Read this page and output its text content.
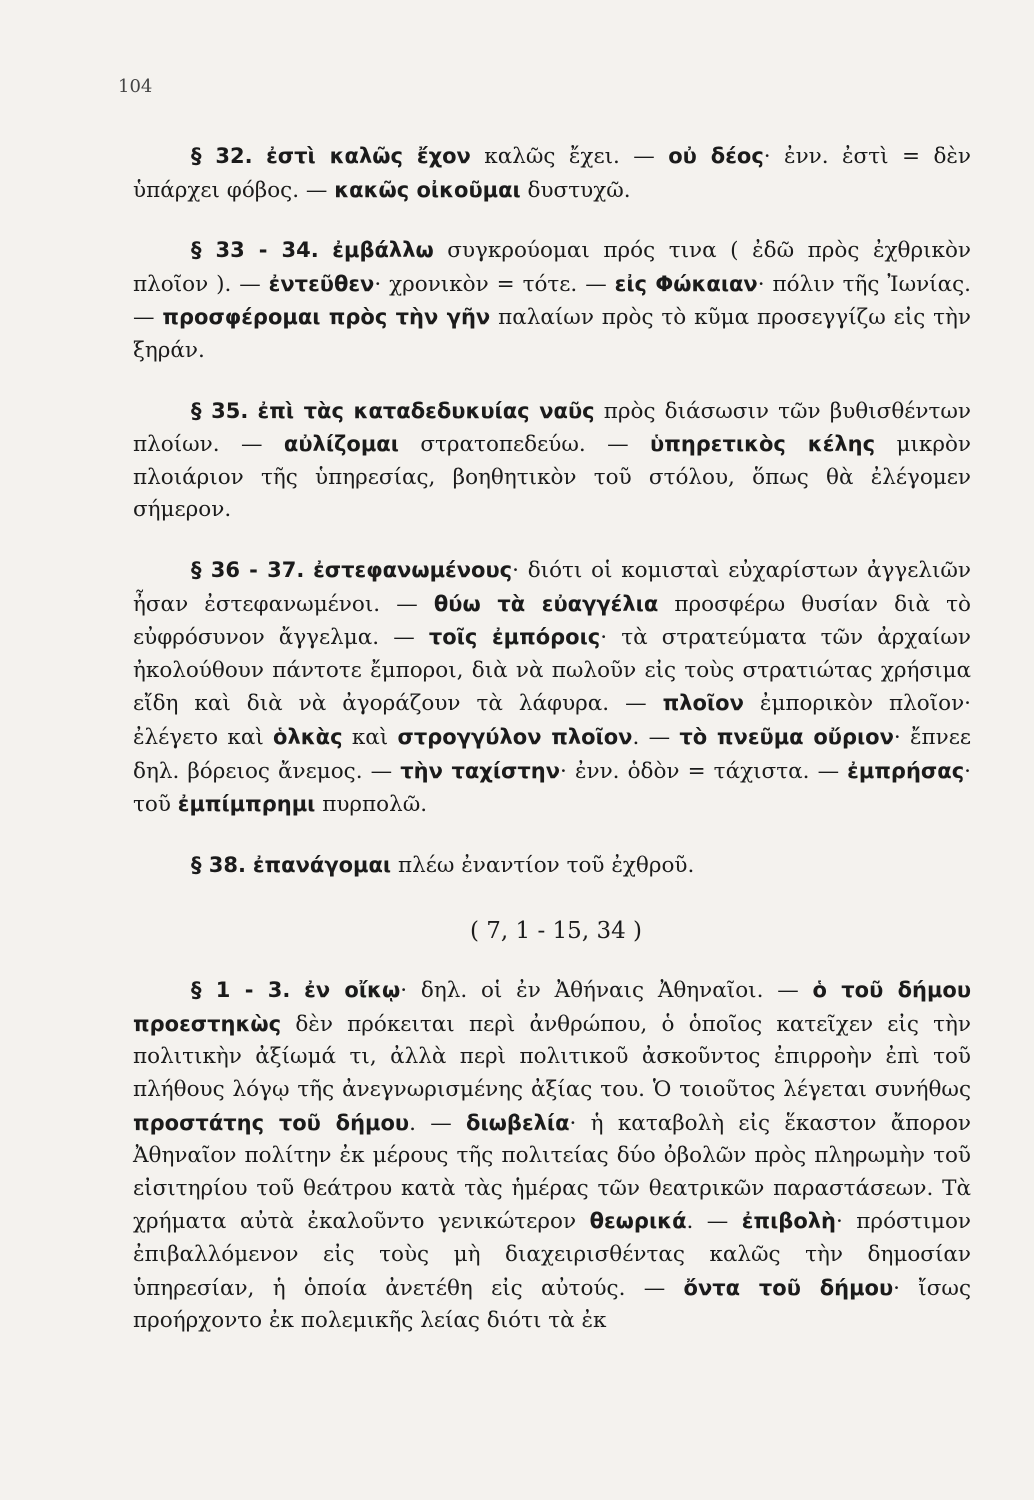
104

§ 32. ἐστὶ καλῶς ἔχον καλῶς ἔχει. — οὐ δέος· ἐνν. ἐστὶ = δὲν ὑπάρχει φόβος. — κακῶς οἰκοῦμαι δυστυχῶ.

§ 33 - 34. ἐμβάλλω συγκρούομαι πρός τινα ( ἐδῶ πρὸς ἐχθρικὸν πλοῖον ). — ἐντεῦθεν· χρονικὸν = τότε. — εἰς Φώκαιαν· πόλιν τῆς Ἰωνίας. — προσφέρομαι πρὸς τὴν γῆν παλαίων πρὸς τὸ κῦμα προσεγγίζω εἰς τὴν ξηράν.

§ 35. ἐπὶ τὰς καταδεδυκυίας ναῦς πρὸς διάσωσιν τῶν βυθισθέντων πλοίων. — αὐλίζομαι στρατοπεδεύω. — ὑπηρετικὸς κέλης μικρὸν πλοιάριον τῆς ὑπηρεσίας, βοηθητικὸν τοῦ στόλου, ὅπως θὰ ἐλέγομεν σήμερον.

§ 36 - 37. ἐστεφανωμένους· διότι οἱ κομισταὶ εὐχαρίστων ἀγγελιῶν ἦσαν ἐστεφανωμένοι. — θύω τὰ εὐαγγέλια προσφέρω θυσίαν διὰ τὸ εὐφρόσυνον ἄγγελμα. — τοῖς ἐμπόροις· τὰ στρατεύματα τῶν ἀρχαίων ἠκολούθουν πάντοτε ἔμποροι, διὰ νὰ πωλοῦν εἰς τοὺς στρατιώτας χρήσιμα εἴδη καὶ διὰ νὰ ἀγοράζουν τὰ λάφυρα. — πλοῖον ἐμπορικὸν πλοῖον· ἐλέγετο καὶ ὁλκὰς καὶ στρογγύλον πλοῖον. — τὸ πνεῦμα οὔριον· ἔπνεε δηλ. βόρειος ἄνεμος. — τὴν ταχίστην· ἐνν. ὁδὸν = τάχιστα. — ἐμπρήσας· τοῦ ἐμπίμπρημι πυρπολῶ.

§ 38. ἐπανάγομαι πλέω ἐναντίον τοῦ ἐχθροῦ.

( 7, 1 - 15, 34 )

§ 1 - 3. ἐν οἴκῳ· δηλ. οἱ ἐν Ἀθήναις Ἀθηναῖοι. — ὁ τοῦ δήμου προεστηκὼς δὲν πρόκειται περὶ ἀνθρώπου, ὁ ὁποῖος κατεῖχεν εἰς τὴν πολιτικὴν ἀξίωμά τι, ἀλλὰ περὶ πολιτικοῦ ἀσκοῦντος ἐπιρροὴν ἐπὶ τοῦ πλήθους λόγῳ τῆς ἀνεγνωρισμένης ἀξίας του. Ὁ τοιοῦτος λέγεται συνήθως προστάτης τοῦ δήμου. — διωβελία· ἡ καταβολὴ εἰς ἕκαστον ἄπορον Ἀθηναῖον πολίτην ἐκ μέρους τῆς πολιτείας δύο ὀβολῶν πρὸς πληρωμὴν τοῦ εἰσιτηρίου τοῦ θεάτρου κατὰ τὰς ἡμέρας τῶν θεατρικῶν παραστάσεων. Τὰ χρήματα αὐτὰ ἐκαλοῦντο γενικώτερον θεωρικά. — ἐπιβολὴ· πρόστιμον ἐπιβαλλόμενον εἰς τοὺς μὴ διαχειρισθέντας καλῶς τὴν δημοσίαν ὑπηρεσίαν, ἡ ὁποία ἀνετέθη εἰς αὐτούς. — ὄντα τοῦ δήμου· ἴσως προήρχοντο ἐκ πολεμικῆς λείας διότι τὰ ἐκ
